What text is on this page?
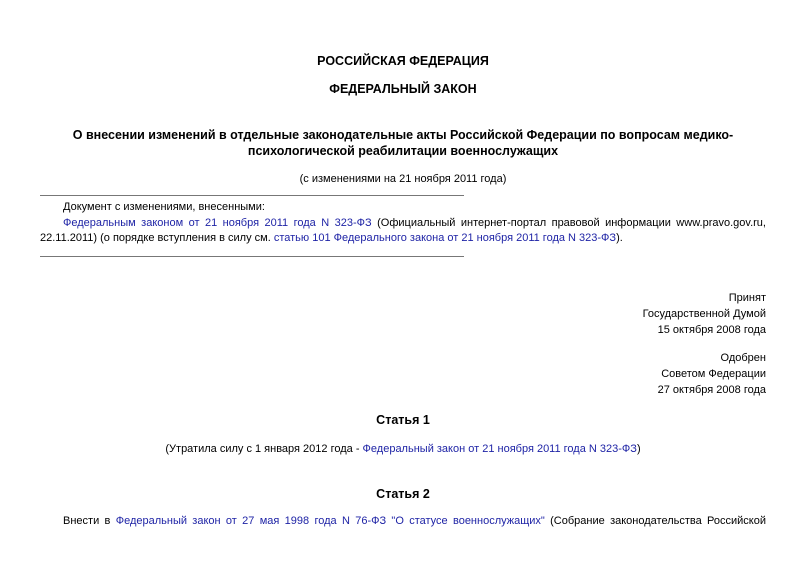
РОССИЙСКАЯ ФЕДЕРАЦИЯ
ФЕДЕРАЛЬНЫЙ ЗАКОН
О внесении изменений в отдельные законодательные акты Российской Федерации по вопросам медико-психологической реабилитации военнослужащих
(с изменениями на 21 ноября 2011 года)
Документ с изменениями, внесенными:
Федеральным законом от 21 ноября 2011 года N 323-ФЗ (Официальный интернет-портал правовой информации www.pravo.gov.ru, 22.11.2011) (о порядке вступления в силу см. статью 101 Федерального закона от 21 ноября 2011 года N 323-ФЗ).
Принят
Государственной Думой
15 октября 2008 года
Одобрен
Советом Федерации
27 октября 2008 года
Статья 1
(Утратила силу с 1 января 2012 года - Федеральный закон от 21 ноября 2011 года N 323-ФЗ)
Статья 2
Внести в Федеральный закон от 27 мая 1998 года N 76-ФЗ "О статусе военнослужащих" (Собрание законодательства Российской
